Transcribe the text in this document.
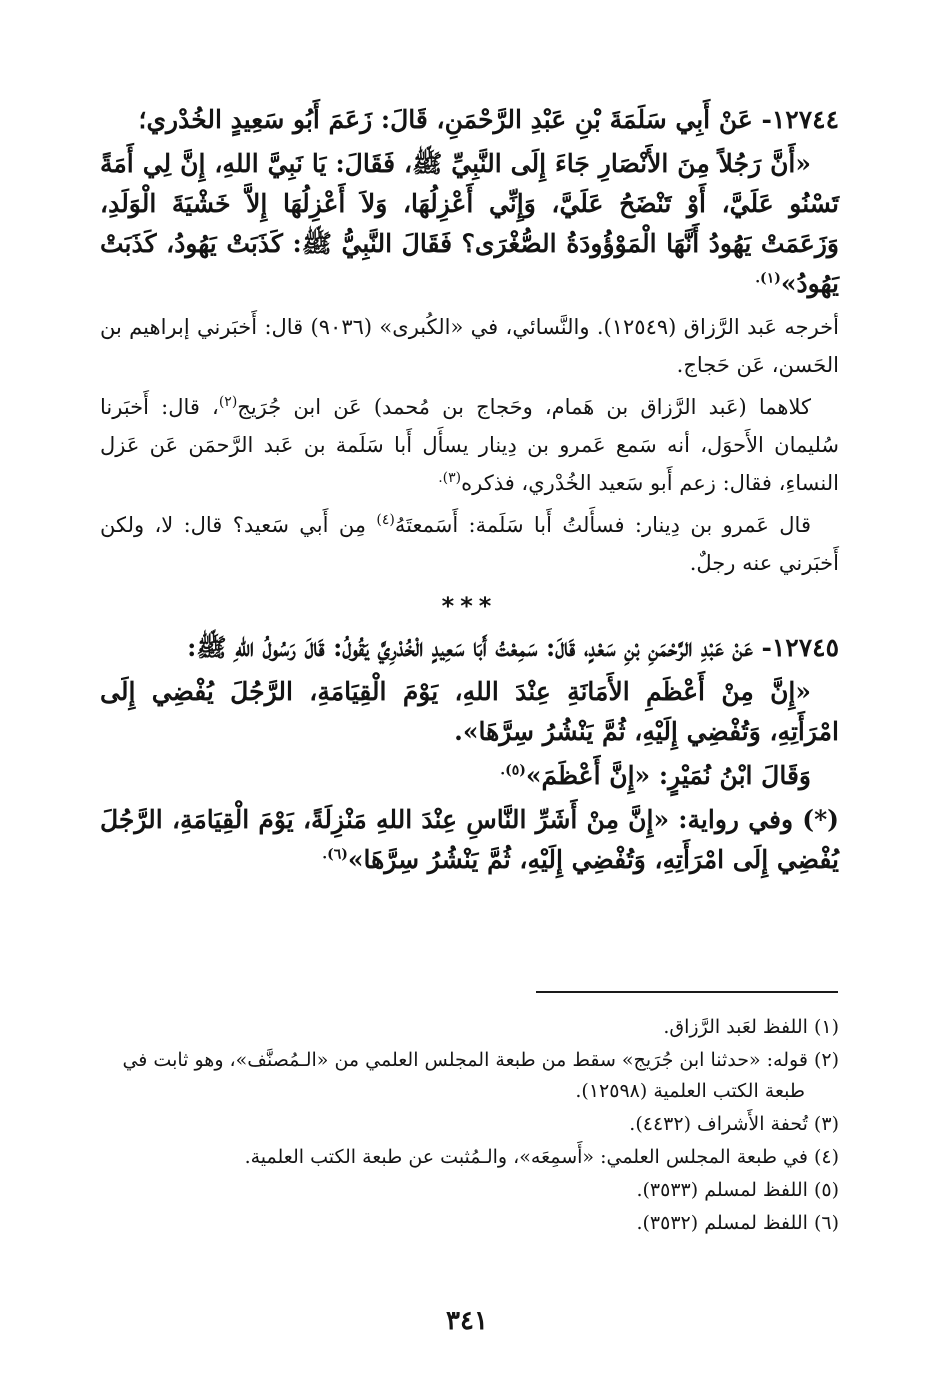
١٢٧٤٤- عَنْ أَبِي سَلَمَةَ بْنِ عَبْدِ الرَّحْمَنِ، قَالَ: زَعَمَ أَبُو سَعِيدٍ الخُدْري؛

«أَنَّ رَجُلاً مِنَ الأَنْصَارِ جَاءَ إِلَى النَّبِيِّ ﷺ، فَقَالَ: يَا نَبِيَّ اللهِ، إِنَّ لِي أَمَةً تَسْنُو عَلَيَّ، أَوْ تَنْضَحُ عَلَيَّ، وَإِنِّي أَعْزِلُهَا، وَلاَ أَعْزِلُهَا إِلاَّ خَشْيَةَ الْوَلَدِ، وَزَعَمَتْ يَهُودُ أَنَّهَا الْمَوْؤُودَةُ الصُّغْرَى؟ فَقَالَ النَّبِيُّ ﷺ: كَذَبَتْ يَهُودُ، كَذَبَتْ يَهُودُ»$^{(١).}$

أخرجه عَبد الرَّزاق (١٢٥٤٩). والنَّسائي، في «الكُبرى» (٩٠٣٦) قال: أَخبَرني إبراهيم بن الحَسن، عَن حَجاج.

كلاهما (عَبد الرَّزاق بن هَمام، وحَجاج بن مُحمد) عَن ابن جُرَيج$^{(٢)}$، قال: أَخبَرنا سُليمان الأَحوَل، أنه سَمع عَمرو بن دِينار يسأَل أَبا سَلَمة بن عَبد الرَّحمَن عَن عَزل النساءِ، فقال: زعم أَبو سَعيد الخُدْري، فذكره$^{(٣).}$

قال عَمرو بن دِينار: فسأَلتُ أَبا سَلَمة: أَسَمعتَهُ$^{(٤)}$ مِن أَبي سَعيد؟ قال: لا، ولكن أَخبَرني عنه رجلٌ.

***

١٢٧٤٥- عَنْ عَبْدِ الرَّحْمَنِ بْنِ سَعْدٍ، قَالَ: سَمِعْتُ أَبَا سَعِيدٍ الْخُدْرِيَّ يَقُولُ: قَالَ رَسُولُ اللهِ ﷺ:

«إِنَّ مِنْ أَعْظَمِ الأَمَانَةِ عِنْدَ اللهِ، يَوْمَ الْقِيَامَةِ، الرَّجُلَ يُفْضِي إِلَى امْرَأَتِهِ، وَتُفْضِي إِلَيْهِ، ثُمَّ يَنْشُرُ سِرَّهَا».

وَقَالَ ابْنُ نُمَيْرٍ: «إِنَّ أَعْظَمَ»$^{(٥).}$

(*) وفي رواية: «إِنَّ مِنْ أَشَرِّ النَّاسِ عِنْدَ اللهِ مَنْزِلَةً، يَوْمَ الْقِيَامَةِ، الرَّجُلَ يُفْضِي إِلَى امْرَأَتِهِ، وَتُفْضِي إِلَيْهِ، ثُمَّ يَنْشُرُ سِرَّهَا»$^{(٦).}$

(١) اللفظ لعَبد الرَّزاق.

(٢) قوله: «حدثنا ابن جُرَيج» سقط من طبعة المجلس العلمي من «الـمُصنَّف»، وهو ثابت في طبعة الكتب العلمية (١٢٥٩٨).

(٣) تُحفة الأَشراف (٤٤٣٢).

(٤) في طبعة المجلس العلمي: «أَسمِعَه»، والـمُثبت عن طبعة الكتب العلمية.

(٥) اللفظ لمسلم (٣٥٣٣).

(٦) اللفظ لمسلم (٣٥٣٢).

٣٤١
